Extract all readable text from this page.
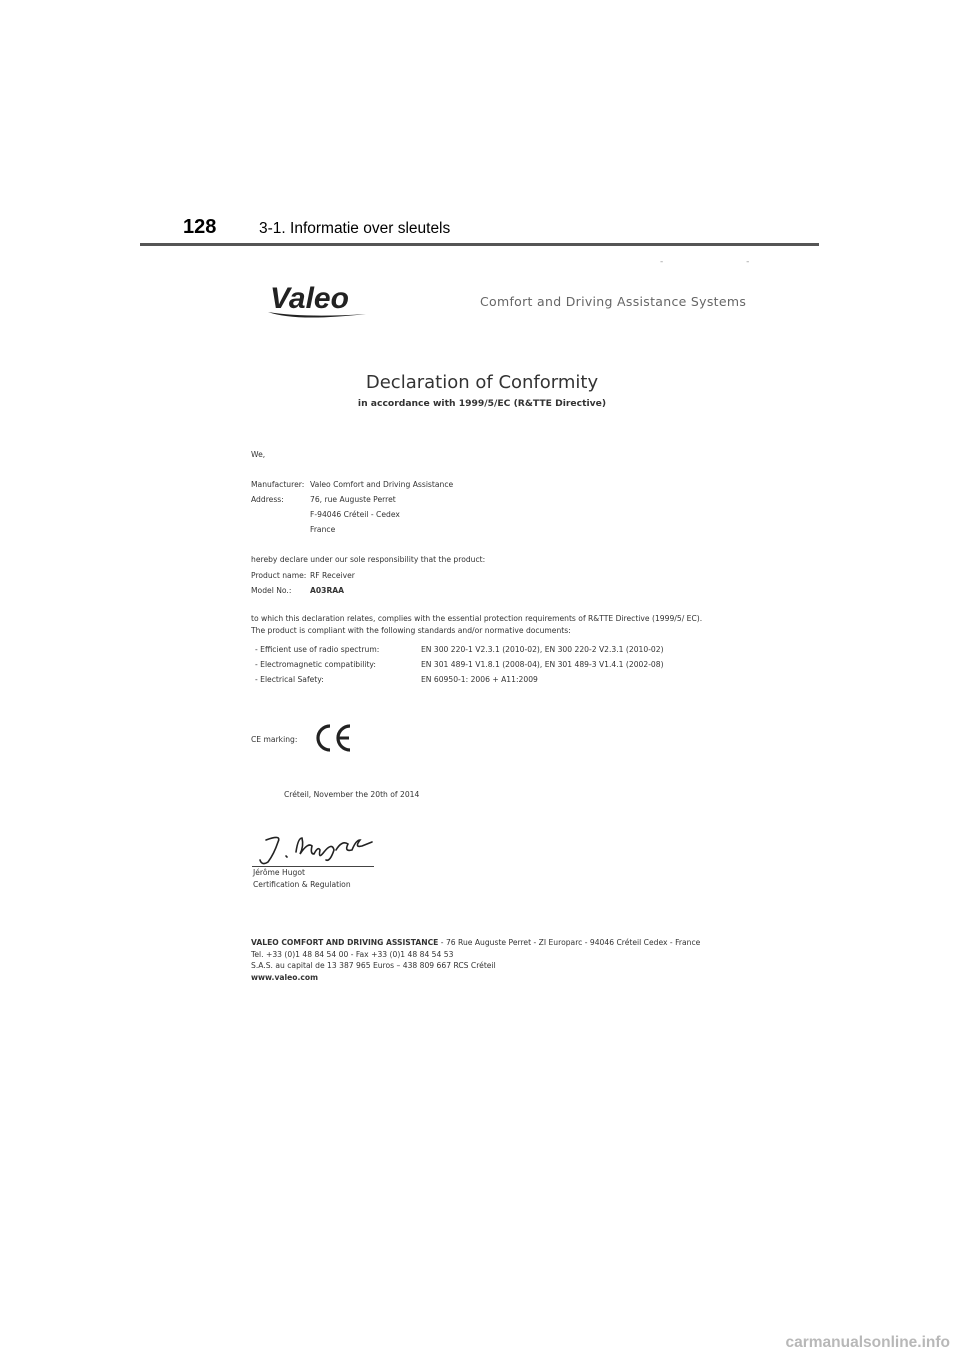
128	3-1. Informatie over sleutels
- -
Valeo	Comfort and Driving Assistance Systems
Declaration of Conformity
in accordance with 1999/5/EC (R&TTE Directive)
We,
Manufacturer: Valeo Comfort and Driving Assistance
Address:	76, rue Auguste Perret
F-94046 Créteil - Cedex
France
hereby declare under our sole responsibility that the product:
Product name: RF Receiver
Model No.: A03RAA
to which this declaration relates, complies with the essential protection requirements of R&TTE Directive (1999/5/ EC).
The product is compliant with the following standards and/or normative documents:
- Efficient use of radio spectrum:	EN 300 220-1 V2.3.1 (2010-02), EN 300 220-2 V2.3.1 (2010-02)
- Electromagnetic compatibility:	EN 301 489-1 V1.8.1 (2008-04), EN 301 489-3 V1.4.1 (2002-08)
- Electrical Safety:	EN 60950-1: 2006 + A11:2009
CE marking:
Créteil, November the 20th of 2014
Jérôme Hugot
Certification & Regulation
VALEO COMFORT AND DRIVING ASSISTANCE - 76 Rue Auguste Perret - ZI Europarc - 94046 Créteil Cedex - France
Tel. +33 (0)1 48 84 54 00 - Fax +33 (0)1 48 84 54 53
S.A.S. au capital de 13 387 965 Euros – 438 809 667 RCS Créteil
www.valeo.com
carmanualsonline.info
